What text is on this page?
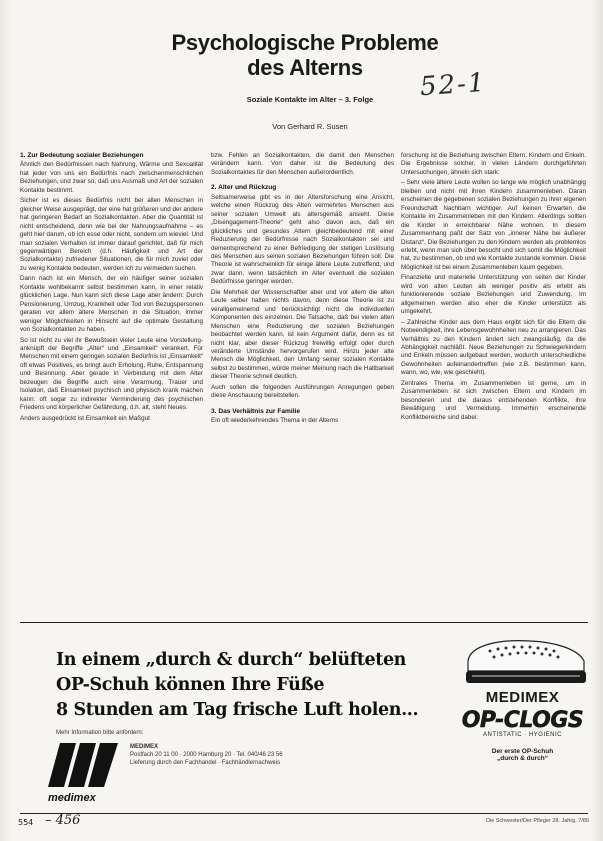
Psychologische Probleme
des Alterns
52-1
Soziale Kontakte im Alter – 3. Folge
Von Gerhard R. Susen
1. Zur Bedeutung sozialer Beziehungen

Ähnlich den Bedürfnissen nach Nahrung, Wärme und Sexualität hat jeder von uns ein Bedürfnis nach zwischenmenschlichen Beziehungen, und zwar so, daß uns Ausmaß und Art der sozialen Kontakte bestimmt.

Sicher ist es dieses Bedürfnis nicht bei allen Menschen in gleicher Weise ausgeprägt, der eine hat größeren und der andere hat geringeren Bedarf an Sozialkontakten. Aber die Quantität ist nicht entscheidend, denn wie bei der Nahrungsaufnahme – es geht hier darum, ob ich esse oder nicht, sondern um wieviel. Und man sozialen Verhalten ist immer darauf gerichtet, daß für mich gegenwärtigen Bereich (d.h. Häufigkeit und Art der Sozialkontakte) zufriedener Situationen, die für mich zuviel oder zu wenig Kontakte bedeuten, werden ich zu vermeiden suchen.

Dann nach ist ein Mensch, der ein häufiger seiner sozialen Kontakte wohlbekannt selbst bestimmen kann, in einer relativ glücklichen Lage. Nun kann sich diese Lage aber ändern: Durch Pensionierung, Umzug, Krankheit oder Tod von Bezugspersonen geraten vor allem ältere Menschen in die Situation, immer weniger Möglichkeiten in Hinsicht auf die optimale Gestaltung von Sozialkontakten zu haben.

So ist nicht zu viel ihr Bewußtsein vieler Leute eine Vorstellung-anknüpft der Begriffe „Alter“ und „Einsamkeit“ verankert. Für Menschen mit einem geringen sozialen Bedürfnis ist „Einsamkeit“ oft etwas Positives, es bringt auch Erholung, Ruhe, Entspannung und Besinnung. Aber gerade in Verbindung mit dem Alter bezeugen die Begriffe auch eine Verarmung, Trauer und Isolation, daß Einsamkeit psychisch und physisch krank machen kann: oft sogar zu indirekter Verminderung des psychischen Friedens und körperlicher Gefährdung, d.h. alt, steht Neues.

Anders ausgedrückt ist Einsamkeit ein Maßgut

bzw. Fehlen an Sozialkontakten, die damit den Menschen verändern kann. Von daher ist die Bedeutung des Sozialkontaktes für den Menschen außerordentlich.

2. Alter und Rückzug

Seltsamerweise gibt es in der Altersforschung eine Ansicht, welche einen Rückzug des Alten vermehrtes Menschen aus seiner sozialen Umwelt als altersgemäß ansieht. Diese „Disengagement-Theorie“ geht also davon aus, daß ein glückliches und gesundes Altern gleichbedeutend mit einer Reduzierung der Bedürfnisse nach Sozialkontakten sei und dementsprechend zu einer Befriedigung der stetigen Loslösung des Menschen aus seinen sozialen Beziehungen führen soll. Die Theorie ist wahrscheinlich für einige ältere Leute zutreffend, und zwar dann, wenn tatsächlich im Alter eventuell die sozialen Bedürfnisse geringer werden.

Die Mehrheit der Wissenschaftler aber und vor allem die alten Leute selber halten nichts davon, denn diese Theorie ist zu verallgemeinernd und berücksichtigt nicht die individuellen Komponenten des einzelnen. Die Tatsache, daß bei vielen alten Menschen eine Reduzierung der sozialen Beziehungen beobachtet werden kann, ist kein Argument dafür, denn es ist nicht klar, aber dieser Rückzug freiwillig erfolgt oder durch veränderte Umstände hervorgerufen wird. Hinzu jeder alte Mensch die Möglichkeit, den Umfang seiner sozialen Kontakte selbst zu bestimmen, würde meiner Meinung nach die Haltbarkeit dieser Theorie schnell deutlich.

Auch sollen die folgenden Ausführungen Anregungen geben diese Anschauung bereitstellen.

3. Das Verhältnis zur Familie

Ein oft wiederkehrendes Thema in der Alterns

forschung ist die Beziehung zwischen Eltern, Kindern und Enkeln. Die Ergebnisse solcher, in vielen Ländern durchgeführten Untersuchungen, ähneln sich stark:

– Sehr viele ältere Leute wollen so lange wie möglich unabhängig bleiben und nicht mit ihren Kindern zusammenleben. Daran erscheinen die gegebenen sozialen Beziehungen zu ihrer eigenen Freundschaft Nachbarn wichtiger. Auf keinen Erwarten die Kontakte im Zusammenleben mit den Kindern. Allerdings sollten die Kinder in erreichbarer Nähe wohnen. In diesem Zusammenhang paßt der Satz von „innerer Nähe bei äußerer Distanz“. Die Beziehungen zu den Kindern werden als problemlos erlebt, wenn man sich über besucht und sich somit die Möglichkeit hat, zu bestimmen, ob und wie Kontakte zustande kommen. Diese Möglichkeit ist bei einem Zusammenleben kaum gegeben.

Finanzielle und materielle Unterstützung von seiten der Kinder wird von alten Leuten als weniger positiv als erlebt als funktionierende soziale Beziehungen und Zuwendung. Im allgemeinen werden also eher die Kinder unterstützt als umgekehrt.

– Zahlreiche Kinder aus dem Haus ergibt sich für die Eltern die Notwendigkeit, ihre Lebensgewohnheiten neu zu arrangieren. Das Verhältnis zu den Kindern ändert sich zwangsläufig, da die Abhängigkeit nachläßt. Neue Beziehungen zu Schwiegerkindern und Enkeln müssen aufgebaut werden, wodurch unterschiedliche Gewohnheiten aufeinandertreffen (wie z.B. bestimmen kann, wann, wo, wie, wie geschieht).

Zentrales Thema im Zusammenleben ist gerne, um in Zusammenleben ist sich zwischen Eltern und Kindern im besonderen und die daraus entstehenden Konflikte, ihre Bewältigung und Vermeidung. Immerhin erscheinende Konfliktbereiche sind dabei:

In einem „durch & durch“ belüfteten
OP-Schuh können Ihre Füße
8 Stunden am Tag frische Luft holen...
Mehr Information bitte anfordern:
medimex
MEDIMEX
Postfach 20 11 00 · 2000 Hamburg 20 · Tel. 040/46 23 56
Lieferung durch den Fachhandel · Fachhändlernachweis
MEDIMEX
OP-CLOGS
ANTISTATIC · HYGIENIC
Der erste OP-Schuh
„durch & durch“
554 – 456	Die Schwester/Der Pfleger 28. Jahrg. 7/89
